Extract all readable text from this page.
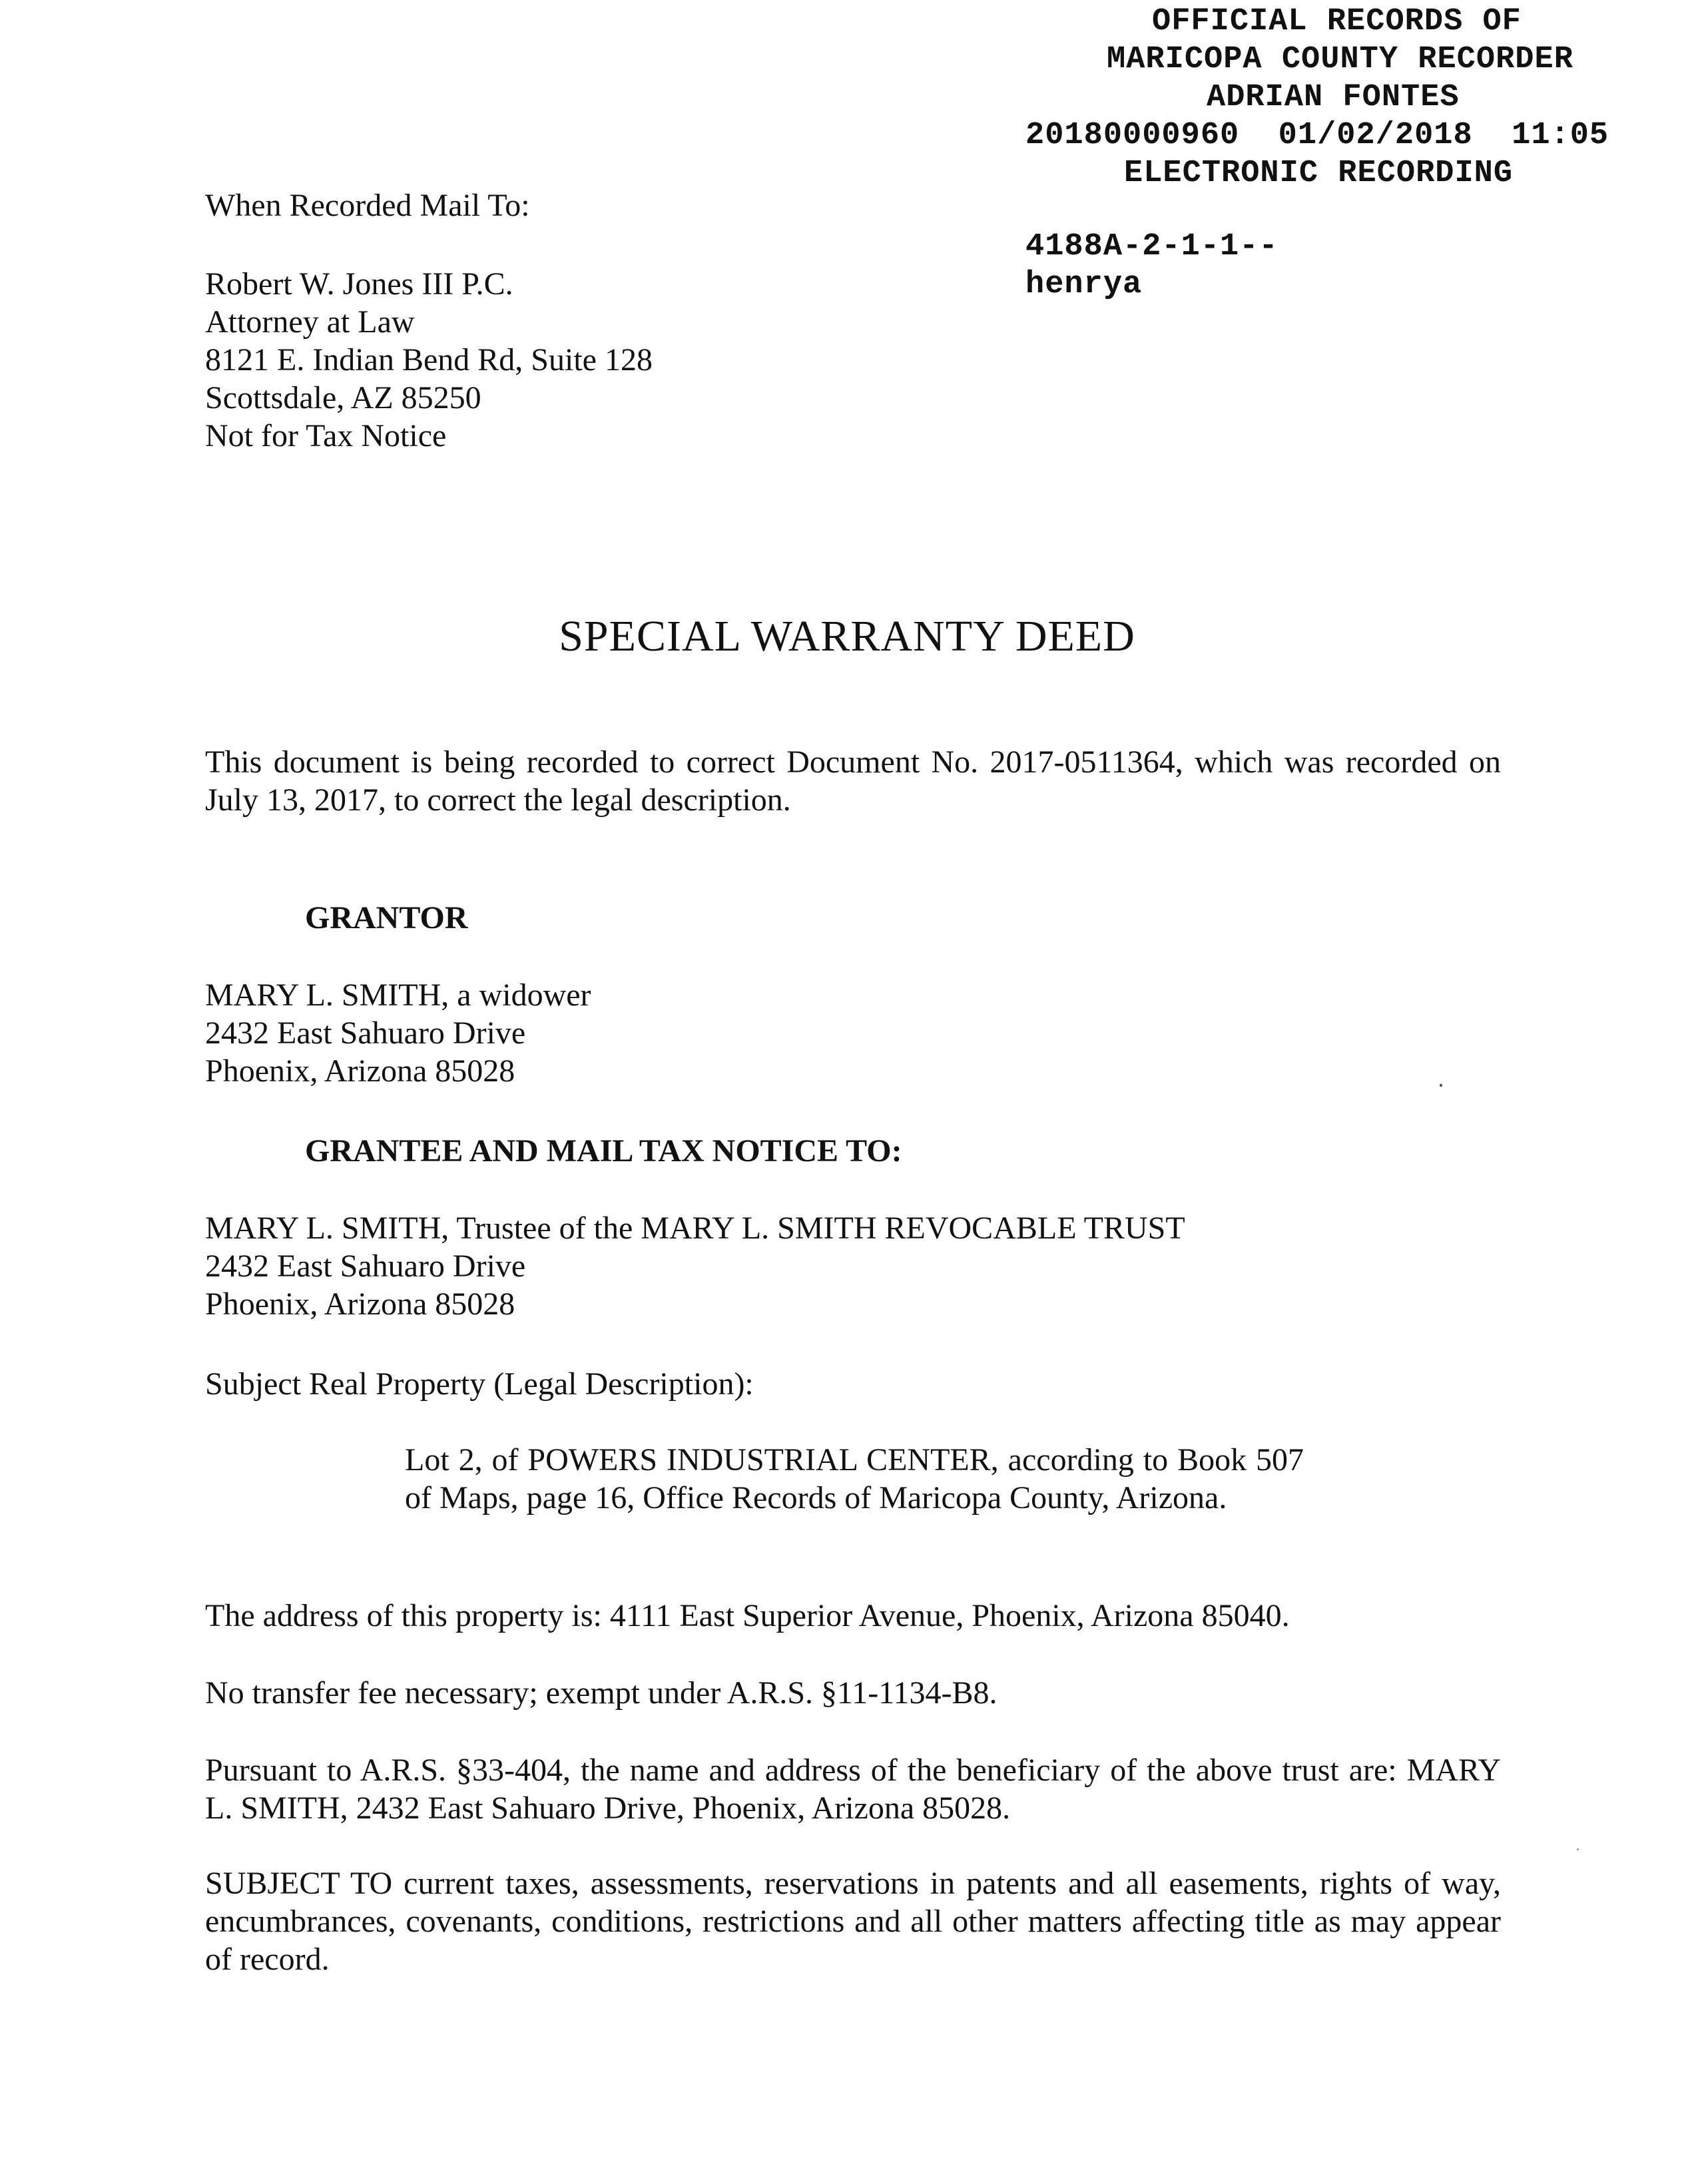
OFFICIAL RECORDS OF
MARICOPA COUNTY RECORDER
ADRIAN FONTES
20180000960  01/02/2018  11:05
ELECTRONIC RECORDING
4188A-2-1-1--
henrya
When Recorded Mail To:
Robert W. Jones III P.C.
Attorney at Law
8121 E. Indian Bend Rd, Suite 128
Scottsdale, AZ 85250
Not for Tax Notice
SPECIAL WARRANTY DEED
This document is being recorded to correct Document No. 2017-0511364, which was recorded on July 13, 2017, to correct the legal description.
GRANTOR
MARY L. SMITH, a widower
2432 East Sahuaro Drive
Phoenix, Arizona 85028
GRANTEE AND MAIL TAX NOTICE TO:
MARY L. SMITH, Trustee of the MARY L. SMITH REVOCABLE TRUST
2432 East Sahuaro Drive
Phoenix, Arizona 85028
Subject Real Property (Legal Description):
Lot 2, of POWERS INDUSTRIAL CENTER, according to Book 507 of Maps, page 16, Office Records of Maricopa County, Arizona.
The address of this property is: 4111 East Superior Avenue, Phoenix, Arizona 85040.
No transfer fee necessary; exempt under A.R.S. §11-1134-B8.
Pursuant to A.R.S. §33-404, the name and address of the beneficiary of the above trust are: MARY L. SMITH, 2432 East Sahuaro Drive, Phoenix, Arizona 85028.
SUBJECT TO current taxes, assessments, reservations in patents and all easements, rights of way, encumbrances, covenants, conditions, restrictions and all other matters affecting title as may appear of record.
